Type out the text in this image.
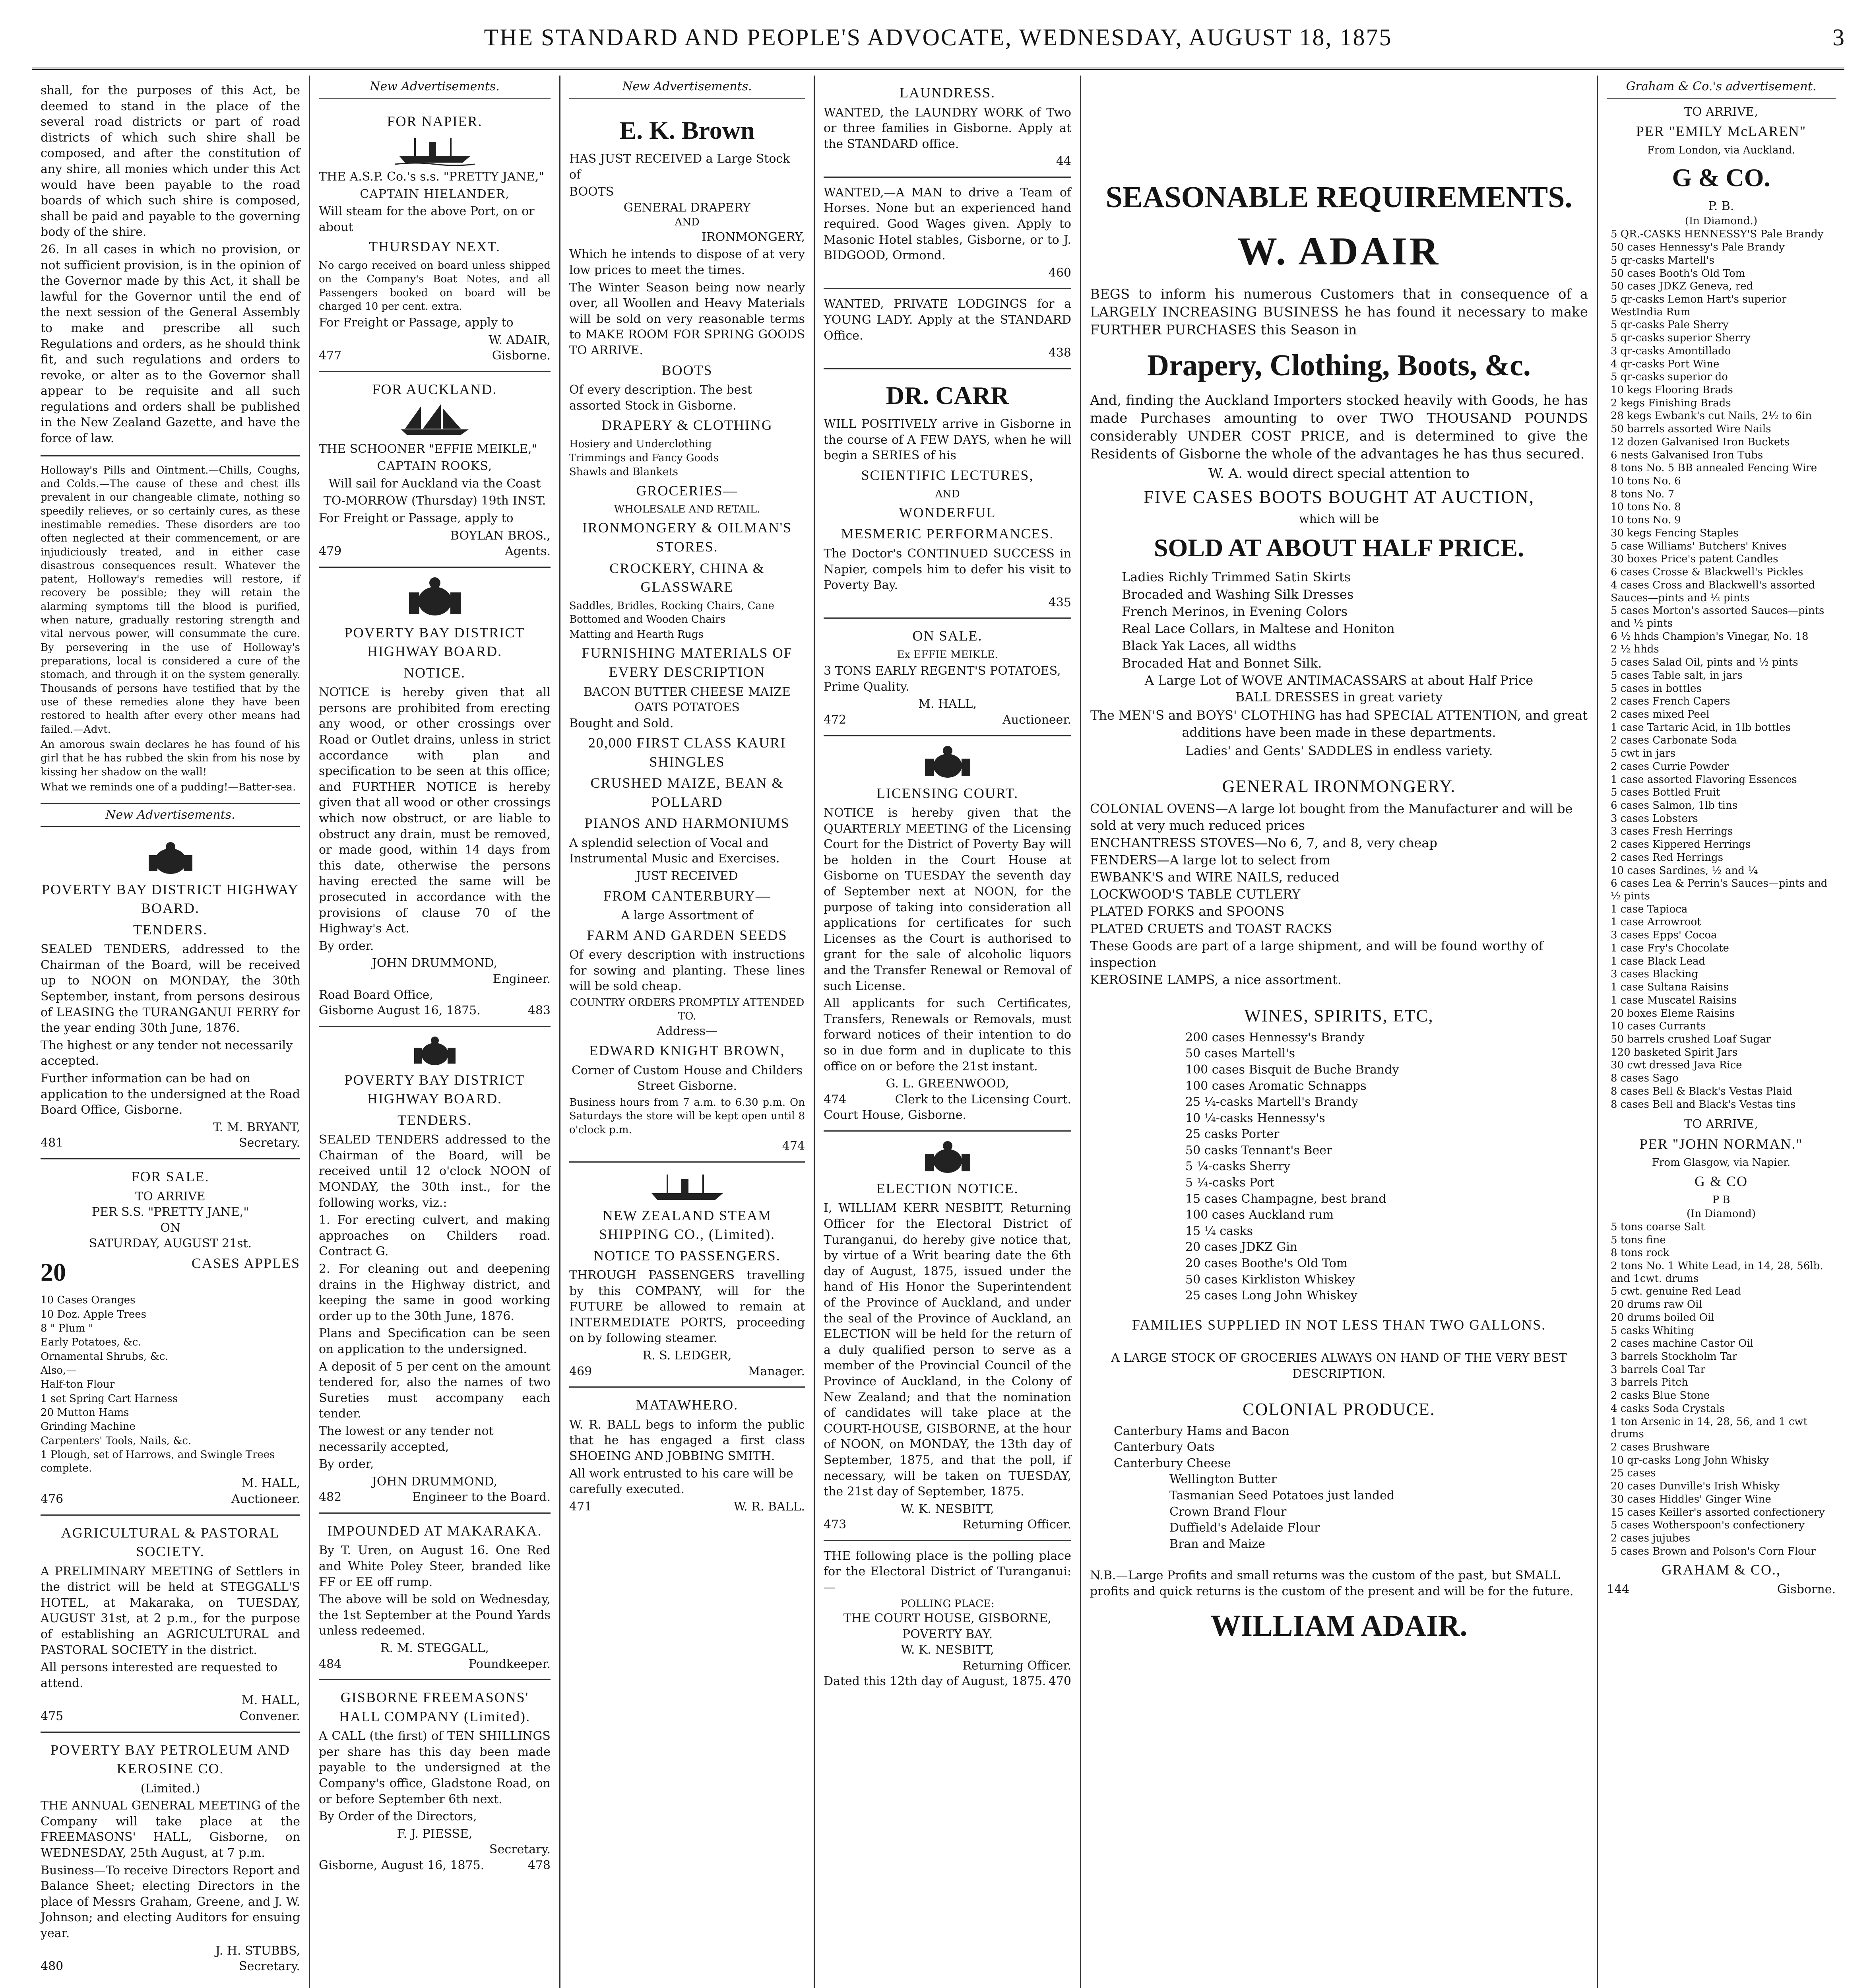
THE STANDARD AND PEOPLE'S ADVOCATE, WEDNESDAY, AUGUST 18, 1875	3

shall, for the purposes of this Act, be deemed to stand in the place of the several road districts or part of road districts of which such shire shall be composed, and after the constitution of any shire, all monies which under this Act would have been payable to the road boards of which such shire is composed, shall be paid and payable to the governing body of the shire.

26. In all cases in which no provision, or not sufficient provision, is in the opinion of the Governor made by this Act, it shall be lawful for the Governor until the end of the next session of the General Assembly to make and prescribe all such Regulations and orders, as he should think fit, and such regulations and orders to revoke, or alter as to the Governor shall appear to be requisite and all such regulations and orders shall be published in the New Zealand Gazette, and have the force of law.

Holloway's Pills and Ointment.—Chills, Coughs, and Colds.—The cause of these and chest ills prevalent in our changeable climate, nothing so speedily relieves, or so certainly cures, as these inestimable remedies. These disorders are too often neglected at their commencement, or are injudiciously treated, and in either case disastrous consequences result. Whatever the patent, Holloway's remedies will restore, if recovery be possible; they will retain the alarming symptoms till the blood is purified, when nature, gradually restoring strength and vital nervous power, will consummate the cure. By persevering in the use of Holloway's preparations, local is considered a cure of the stomach, and through it on the system generally. Thousands of persons have testified that by the use of these remedies alone they have been restored to health after every other means had failed.—Advt.

An amorous swain declares he has found of his girl that he has rubbed the skin from his nose by kissing her shadow on the wall!

What we reminds one of a pudding!—Batter-sea.

New Advertisements.
POVERTY BAY DISTRICT HIGHWAY BOARD.
TENDERS.

SEALED TENDERS, addressed to the Chairman of the Board, will be received up to NOON on MONDAY, the 30th September, instant, from persons desirous of LEASING the TURANGANUI FERRY for the year ending 30th June, 1876.

The highest or any tender not necessarily accepted.

Further information can be had on application to the undersigned at the Road Board Office, Gisborne.

T. M. BRYANT,
481	Secretary.
FOR SALE.
TO ARRIVE
PER S.S. "PRETTY JANE,"
ON
SATURDAY, AUGUST 21st.
20	CASES APPLES
10 Cases Oranges
10 Doz. Apple Trees
8 " Plum "
Early Potatoes, &c.
Ornamental Shrubs, &c.
Also,—
Half-ton Flour
1 set Spring Cart Harness
20 Mutton Hams
Grinding Machine
Carpenters' Tools, Nails, &c.
1 Plough, set of Harrows, and Swingle Trees complete.
M. HALL,
476	Auctioneer.
AGRICULTURAL & PASTORAL SOCIETY.

A PRELIMINARY MEETING of Settlers in the district will be held at STEGGALL'S HOTEL, at Makaraka, on TUESDAY, AUGUST 31st, at 2 p.m., for the purpose of establishing an AGRICULTURAL and PASTORAL SOCIETY in the district.

All persons interested are requested to attend.

M. HALL,
475	Convener.
POVERTY BAY PETROLEUM AND KEROSINE CO.
(Limited.)

THE ANNUAL GENERAL MEETING of the Company will take place at the FREEMASONS' HALL, Gisborne, on WEDNESDAY, 25th August, at 7 p.m.

Business—To receive Directors Report and Balance Sheet; electing Directors in the place of Messrs Graham, Greene, and J. W. Johnson; and electing Auditors for ensuing year.

J. H. STUBBS,
480	Secretary.
New Advertisements.
FOR NAPIER.

THE A.S.P. Co.'s s.s. "PRETTY JANE,"

CAPTAIN HIELANDER,

Will steam for the above Port, on or about

THURSDAY NEXT.

No cargo received on board unless shipped on the Company's Boat Notes, and all Passengers booked on board will be charged 10 per cent. extra.

For Freight or Passage, apply to

W. ADAIR,
477	Gisborne.
FOR AUCKLAND.

THE SCHOONER "EFFIE MEIKLE,"

CAPTAIN ROOKS,

Will sail for Auckland via the Coast

TO-MORROW (Thursday) 19th INST.

For Freight or Passage, apply to

BOYLAN BROS.,
479	Agents.
POVERTY BAY DISTRICT HIGHWAY BOARD.
NOTICE.

NOTICE is hereby given that all persons are prohibited from erecting any wood, or other crossings over Road or Outlet drains, unless in strict accordance with plan and specification to be seen at this office; and FURTHER NOTICE is hereby given that all wood or other crossings which now obstruct, or are liable to obstruct any drain, must be removed, or made good, within 14 days from this date, otherwise the persons having erected the same will be prosecuted in accordance with the provisions of clause 70 of the Highway's Act.

By order.

JOHN DRUMMOND,
Engineer.
Road Board Office,
Gisborne August 16, 1875.	483
POVERTY BAY DISTRICT HIGHWAY BOARD.
TENDERS.

SEALED TENDERS addressed to the Chairman of the Board, will be received until 12 o'clock NOON of MONDAY, the 30th inst., for the following works, viz.:

1. For erecting culvert, and making approaches on Childers road. Contract G.

2. For cleaning out and deepening drains in the Highway district, and keeping the same in good working order up to the 30th June, 1876.

Plans and Specification can be seen on application to the undersigned.

A deposit of 5 per cent on the amount tendered for, also the names of two Sureties must accompany each tender.

The lowest or any tender not necessarily accepted,

By order,

JOHN DRUMMOND,
482	Engineer to the Board.
IMPOUNDED AT MAKARAKA.

By T. Uren, on August 16. One Red and White Poley Steer, branded like FF or EE off rump.

The above will be sold on Wednesday, the 1st September at the Pound Yards unless redeemed.

R. M. STEGGALL,
484	Poundkeeper.
GISBORNE FREEMASONS' HALL COMPANY (Limited).

A CALL (the first) of TEN SHILLINGS per share has this day been made payable to the undersigned at the Company's office, Gladstone Road, on or before September 6th next.

By Order of the Directors,

F. J. PIESSE,
Secretary.
Gisborne, August 16, 1875.	478
New Advertisements.
E. K. Brown

HAS JUST RECEIVED a Large Stock of

BOOTS
GENERAL DRAPERY
AND
IRONMONGERY,

Which he intends to dispose of at very low prices to meet the times.

The Winter Season being now nearly over, all Woollen and Heavy Materials will be sold on very reasonable terms to MAKE ROOM FOR SPRING GOODS TO ARRIVE.

BOOTS

Of every description. The best assorted Stock in Gisborne.

DRAPERY & CLOTHING
Hosiery and Underclothing
Trimmings and Fancy Goods
Shawls and Blankets
GROCERIES—
WHOLESALE AND RETAIL.
IRONMONGERY & OILMAN'S STORES.
CROCKERY, CHINA & GLASSWARE

Saddles, Bridles, Rocking Chairs, Cane Bottomed and Wooden Chairs

Matting and Hearth Rugs

FURNISHING MATERIALS OF EVERY DESCRIPTION
BACON BUTTER CHEESE MAIZE
OATS POTATOES
Bought and Sold.
20,000 FIRST CLASS KAURI SHINGLES
CRUSHED MAIZE, BEAN & POLLARD
PIANOS AND HARMONIUMS

A splendid selection of Vocal and Instrumental Music and Exercises.

JUST RECEIVED
FROM CANTERBURY—
A large Assortment of
FARM AND GARDEN SEEDS

Of every description with instructions for sowing and planting. These lines will be sold cheap.

COUNTRY ORDERS PROMPTLY ATTENDED TO.
Address—
EDWARD KNIGHT BROWN,
Corner of Custom House and Childers Street Gisborne.

Business hours from 7 a.m. to 6.30 p.m. On Saturdays the store will be kept open until 8 o'clock p.m.

474
NEW ZEALAND STEAM SHIPPING CO., (Limited).
NOTICE TO PASSENGERS.

THROUGH PASSENGERS travelling by this COMPANY, will for the FUTURE be allowed to remain at INTERMEDIATE PORTS, proceeding on by following steamer.

R. S. LEDGER,
469	Manager.
MATAWHERO.

W. R. BALL begs to inform the public that he has engaged a first class SHOEING AND JOBBING SMITH.

All work entrusted to his care will be carefully executed.

471	W. R. BALL.
LAUNDRESS.

WANTED, the LAUNDRY WORK of Two or three families in Gisborne. Apply at the STANDARD office.

44

WANTED,—A MAN to drive a Team of Horses. None but an experienced hand required. Good Wages given. Apply to Masonic Hotel stables, Gisborne, or to J. BIDGOOD, Ormond.

460

WANTED, PRIVATE LODGINGS for a YOUNG LADY. Apply at the STANDARD Office.

438
DR. CARR

WILL POSITIVELY arrive in Gisborne in the course of A FEW DAYS, when he will begin a SERIES of his

SCIENTIFIC LECTURES,
AND
WONDERFUL
MESMERIC PERFORMANCES.

The Doctor's CONTINUED SUCCESS in Napier, compels him to defer his visit to Poverty Bay.

435
ON SALE.
Ex EFFIE MEIKLE.

3 TONS EARLY REGENT'S POTATOES, Prime Quality.

M. HALL,
472	Auctioneer.
LICENSING COURT.

NOTICE is hereby given that the QUARTERLY MEETING of the Licensing Court for the District of Poverty Bay will be holden in the Court House at Gisborne on TUESDAY the seventh day of September next at NOON, for the purpose of taking into consideration all applications for certificates for such Licenses as the Court is authorised to grant for the sale of alcoholic liquors and the Transfer Renewal or Removal of such License.

All applicants for such Certificates, Transfers, Renewals or Removals, must forward notices of their intention to do so in due form and in duplicate to this office on or before the 21st instant.

G. L. GREENWOOD,
474	Clerk to the Licensing Court.
Court House, Gisborne.
ELECTION NOTICE.

I, WILLIAM KERR NESBITT, Returning Officer for the Electoral District of Turanganui, do hereby give notice that, by virtue of a Writ bearing date the 6th day of August, 1875, issued under the hand of His Honor the Superintendent of the Province of Auckland, and under the seal of the Province of Auckland, an ELECTION will be held for the return of a duly qualified person to serve as a member of the Provincial Council of the Province of Auckland, in the Colony of New Zealand; and that the nomination of candidates will take place at the COURT-HOUSE, GISBORNE, at the hour of NOON, on MONDAY, the 13th day of September, 1875, and that the poll, if necessary, will be taken on TUESDAY, the 21st day of September, 1875.

W. K. NESBITT,
473	Returning Officer.

THE following place is the polling place for the Electoral District of Turanganui:—

POLLING PLACE:
THE COURT HOUSE, GISBORNE, POVERTY BAY.
W. K. NESBITT,
Returning Officer.
Dated this 12th day of August, 1875. 470
SEASONABLE REQUIREMENTS.
W. ADAIR

BEGS to inform his numerous Customers that in consequence of a LARGELY INCREASING BUSINESS he has found it necessary to make FURTHER PURCHASES this Season in

Drapery, Clothing, Boots, &c.

And, finding the Auckland Importers stocked heavily with Goods, he has made Purchases amounting to over TWO THOUSAND POUNDS considerably UNDER COST PRICE, and is determined to give the Residents of Gisborne the whole of the advantages he has thus secured.

W. A. would direct special attention to
FIVE CASES BOOTS BOUGHT AT AUCTION,
which will be
SOLD AT ABOUT HALF PRICE.
Ladies Richly Trimmed Satin Skirts
Brocaded and Washing Silk Dresses
French Merinos, in Evening Colors
Real Lace Collars, in Maltese and Honiton
Black Yak Laces, all widths
Brocaded Hat and Bonnet Silk.
A Large Lot of WOVE ANTIMACASSARS at about Half Price
BALL DRESSES in great variety

The MEN'S and BOYS' CLOTHING has had SPECIAL ATTENTION, and great additions have been made in these departments.

Ladies' and Gents' SADDLES in endless variety.
GENERAL IRONMONGERY.
COLONIAL OVENS—A large lot bought from the Manufacturer and will be sold at very much reduced prices
ENCHANTRESS STOVES—No 6, 7, and 8, very cheap
FENDERS—A large lot to select from
EWBANK'S and WIRE NAILS, reduced
LOCKWOOD'S TABLE CUTLERY
PLATED FORKS and SPOONS
PLATED CRUETS and TOAST RACKS
These Goods are part of a large shipment, and will be found worthy of inspection
KEROSINE LAMPS, a nice assortment.
WINES, SPIRITS, ETC,
200 cases Hennessy's Brandy
50 cases Martell's
100 cases Bisquit de Buche Brandy
100 cases Aromatic Schnapps
25 ¼-casks Martell's Brandy
10 ¼-casks Hennessy's
25 casks Porter
50 casks Tennant's Beer
5 ¼-casks Sherry
5 ¼-casks Port
15 cases Champagne, best brand
100 cases Auckland rum
15 ¼ casks
20 cases JDKZ Gin
20 cases Boothe's Old Tom
50 cases Kirkliston Whiskey
25 cases Long John Whiskey
FAMILIES SUPPLIED IN NOT LESS THAN TWO GALLONS.
A LARGE STOCK OF GROCERIES ALWAYS ON HAND OF THE VERY BEST DESCRIPTION.
COLONIAL PRODUCE.
Canterbury Hams and Bacon
Canterbury Oats
Canterbury Cheese
Wellington Butter
Tasmanian Seed Potatoes just landed
Crown Brand Flour
Duffield's Adelaide Flour
Bran and Maize

N.B.—Large Profits and small returns was the custom of the past, but SMALL profits and quick returns is the custom of the present and will be for the future.

WILLIAM ADAIR.
Graham & Co.'s advertisement.
TO ARRIVE,
PER "EMILY McLAREN"
From London, via Auckland.
G & CO.
P. B.
(In Diamond.)
5 QR.-CASKS HENNESSY'S Pale Brandy
50 cases Hennessy's Pale Brandy
5 qr-casks Martell's
50 cases Booth's Old Tom
50 cases JDKZ Geneva, red
5 qr-casks Lemon Hart's superior WestIndia Rum
5 qr-casks Pale Sherry
5 qr-casks superior Sherry
3 qr-casks Amontillado
4 qr-casks Port Wine
5 qr-casks superior do
10 kegs Flooring Brads
2 kegs Finishing Brads
28 kegs Ewbank's cut Nails, 2½ to 6in
50 barrels assorted Wire Nails
12 dozen Galvanised Iron Buckets
6 nests Galvanised Iron Tubs
8 tons No. 5 BB annealed Fencing Wire
10 tons No. 6
8 tons No. 7
10 tons No. 8
10 tons No. 9
30 kegs Fencing Staples
5 case Williams' Butchers' Knives
30 boxes Price's patent Candles
6 cases Crosse & Blackwell's Pickles
4 cases Cross and Blackwell's assorted Sauces—pints and ½ pints
5 cases Morton's assorted Sauces—pints and ½ pints
6 ½ hhds Champion's Vinegar, No. 18
2 ½ hhds
5 cases Salad Oil, pints and ½ pints
5 cases Table salt, in jars
5 cases in bottles
2 cases French Capers
2 cases mixed Peel
1 case Tartaric Acid, in 1lb bottles
2 cases Carbonate Soda
5 cwt in jars
2 cases Currie Powder
1 case assorted Flavoring Essences
5 cases Bottled Fruit
6 cases Salmon, 1lb tins
3 cases Lobsters
3 cases Fresh Herrings
2 cases Kippered Herrings
2 cases Red Herrings
10 cases Sardines, ½ and ¼
6 cases Lea & Perrin's Sauces—pints and ½ pints
1 case Tapioca
1 case Arrowroot
3 cases Epps' Cocoa
1 case Fry's Chocolate
1 case Black Lead
3 cases Blacking
1 case Sultana Raisins
1 case Muscatel Raisins
20 boxes Eleme Raisins
10 cases Currants
50 barrels crushed Loaf Sugar
120 basketed Spirit Jars
30 cwt dressed Java Rice
8 cases Sago
8 cases Bell & Black's Vestas Plaid
8 cases Bell and Black's Vestas tins
TO ARRIVE,
PER "JOHN NORMAN."
From Glasgow, via Napier.
G & CO
P B
(In Diamond)
5 tons coarse Salt
5 tons fine
8 tons rock
2 tons No. 1 White Lead, in 14, 28, 56lb. and 1cwt. drums
5 cwt. genuine Red Lead
20 drums raw Oil
20 drums boiled Oil
5 casks Whiting
2 cases machine Castor Oil
3 barrels Stockholm Tar
3 barrels Coal Tar
3 barrels Pitch
2 casks Blue Stone
4 casks Soda Crystals
1 ton Arsenic in 14, 28, 56, and 1 cwt drums
2 cases Brushware
10 qr-casks Long John Whisky
25 cases
20 cases Dunville's Irish Whisky
30 cases Hiddles' Ginger Wine
15 cases Keiller's assorted confectionery
5 cases Wotherspoon's confectionery
2 cases jujubes
5 cases Brown and Polson's Corn Flour
GRAHAM & CO.,
144	Gisborne.
